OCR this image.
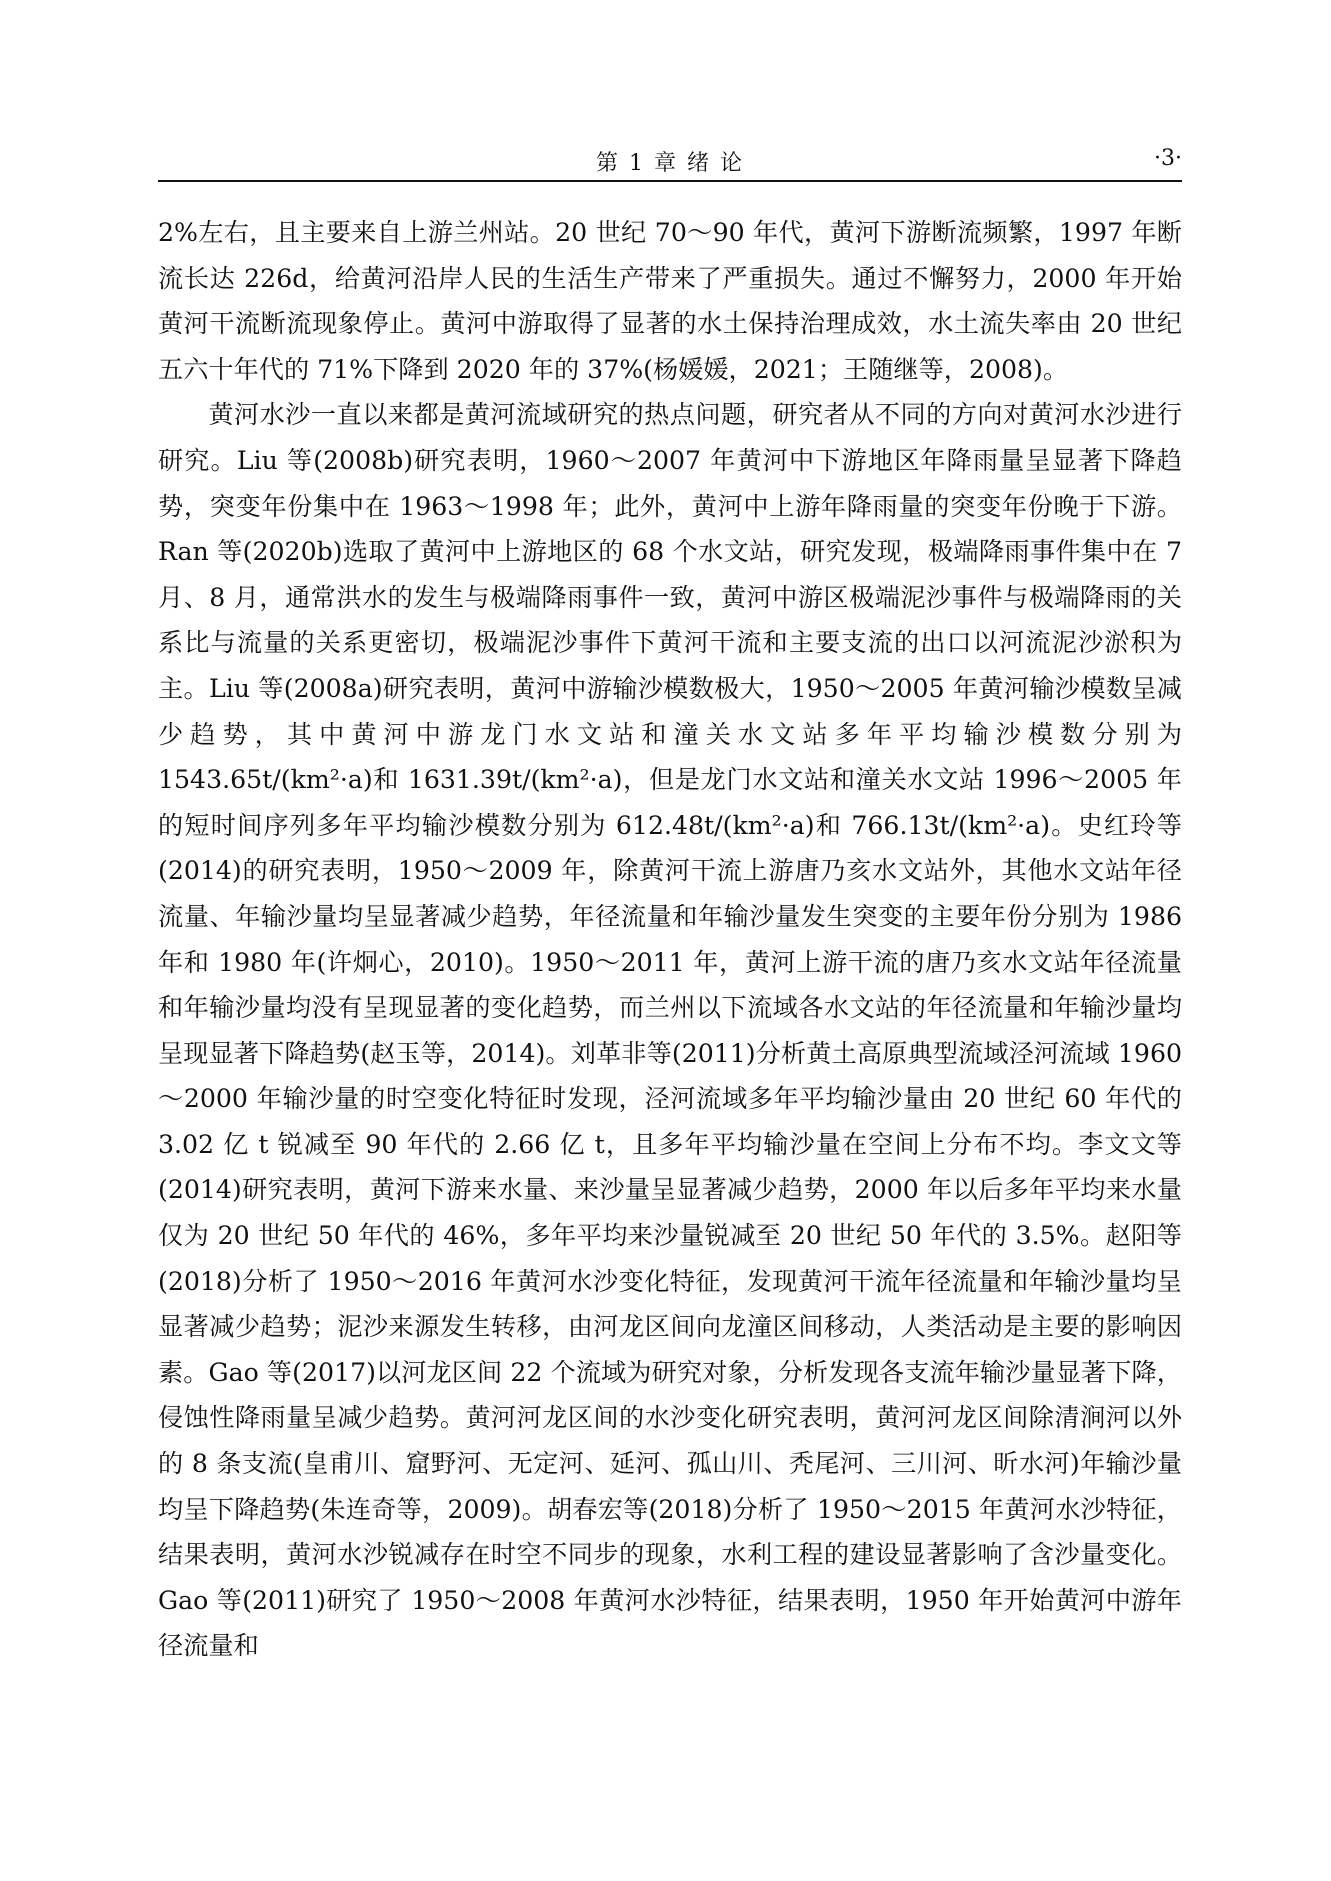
第 1 章 绪 论	·3·

2%左右，且主要来自上游兰州站。20 世纪 70～90 年代，黄河下游断流频繁，1997 年断流长达 226d，给黄河沿岸人民的生活生产带来了严重损失。通过不懈努力，2000 年开始黄河干流断流现象停止。黄河中游取得了显著的水土保持治理成效，水土流失率由 20 世纪五六十年代的 71%下降到 2020 年的 37%(杨媛媛，2021；王随继等，2008)。

黄河水沙一直以来都是黄河流域研究的热点问题，研究者从不同的方向对黄河水沙进行研究。Liu 等(2008b)研究表明，1960～2007 年黄河中下游地区年降雨量呈显著下降趋势，突变年份集中在 1963～1998 年；此外，黄河中上游年降雨量的突变年份晚于下游。Ran 等(2020b)选取了黄河中上游地区的 68 个水文站，研究发现，极端降雨事件集中在 7 月、8 月，通常洪水的发生与极端降雨事件一致，黄河中游区极端泥沙事件与极端降雨的关系比与流量的关系更密切，极端泥沙事件下黄河干流和主要支流的出口以河流泥沙淤积为主。Liu 等(2008a)研究表明，黄河中游输沙模数极大，1950～2005 年黄河输沙模数呈减少趋势，其中黄河中游龙门水文站和潼关水文站多年平均输沙模数分别为 1543.65t/(km²·a)和 1631.39t/(km²·a)，但是龙门水文站和潼关水文站 1996～2005 年的短时间序列多年平均输沙模数分别为 612.48t/(km²·a)和 766.13t/(km²·a)。史红玲等(2014)的研究表明，1950～2009 年，除黄河干流上游唐乃亥水文站外，其他水文站年径流量、年输沙量均呈显著减少趋势，年径流量和年输沙量发生突变的主要年份分别为 1986 年和 1980 年(许炯心，2010)。1950～2011 年，黄河上游干流的唐乃亥水文站年径流量和年输沙量均没有呈现显著的变化趋势，而兰州以下流域各水文站的年径流量和年输沙量均呈现显著下降趋势(赵玉等，2014)。刘革非等(2011)分析黄土高原典型流域泾河流域 1960～2000 年输沙量的时空变化特征时发现，泾河流域多年平均输沙量由 20 世纪 60 年代的 3.02 亿 t 锐减至 90 年代的 2.66 亿 t，且多年平均输沙量在空间上分布不均。李文文等(2014)研究表明，黄河下游来水量、来沙量呈显著减少趋势，2000 年以后多年平均来水量仅为 20 世纪 50 年代的 46%，多年平均来沙量锐减至 20 世纪 50 年代的 3.5%。赵阳等(2018)分析了 1950～2016 年黄河水沙变化特征，发现黄河干流年径流量和年输沙量均呈显著减少趋势；泥沙来源发生转移，由河龙区间向龙潼区间移动，人类活动是主要的影响因素。Gao 等(2017)以河龙区间 22 个流域为研究对象，分析发现各支流年输沙量显著下降，侵蚀性降雨量呈减少趋势。黄河河龙区间的水沙变化研究表明，黄河河龙区间除清涧河以外的 8 条支流(皇甫川、窟野河、无定河、延河、孤山川、秃尾河、三川河、昕水河)年输沙量均呈下降趋势(朱连奇等，2009)。胡春宏等(2018)分析了 1950～2015 年黄河水沙特征，结果表明，黄河水沙锐减存在时空不同步的现象，水利工程的建设显著影响了含沙量变化。Gao 等(2011)研究了 1950～2008 年黄河水沙特征，结果表明，1950 年开始黄河中游年径流量和
